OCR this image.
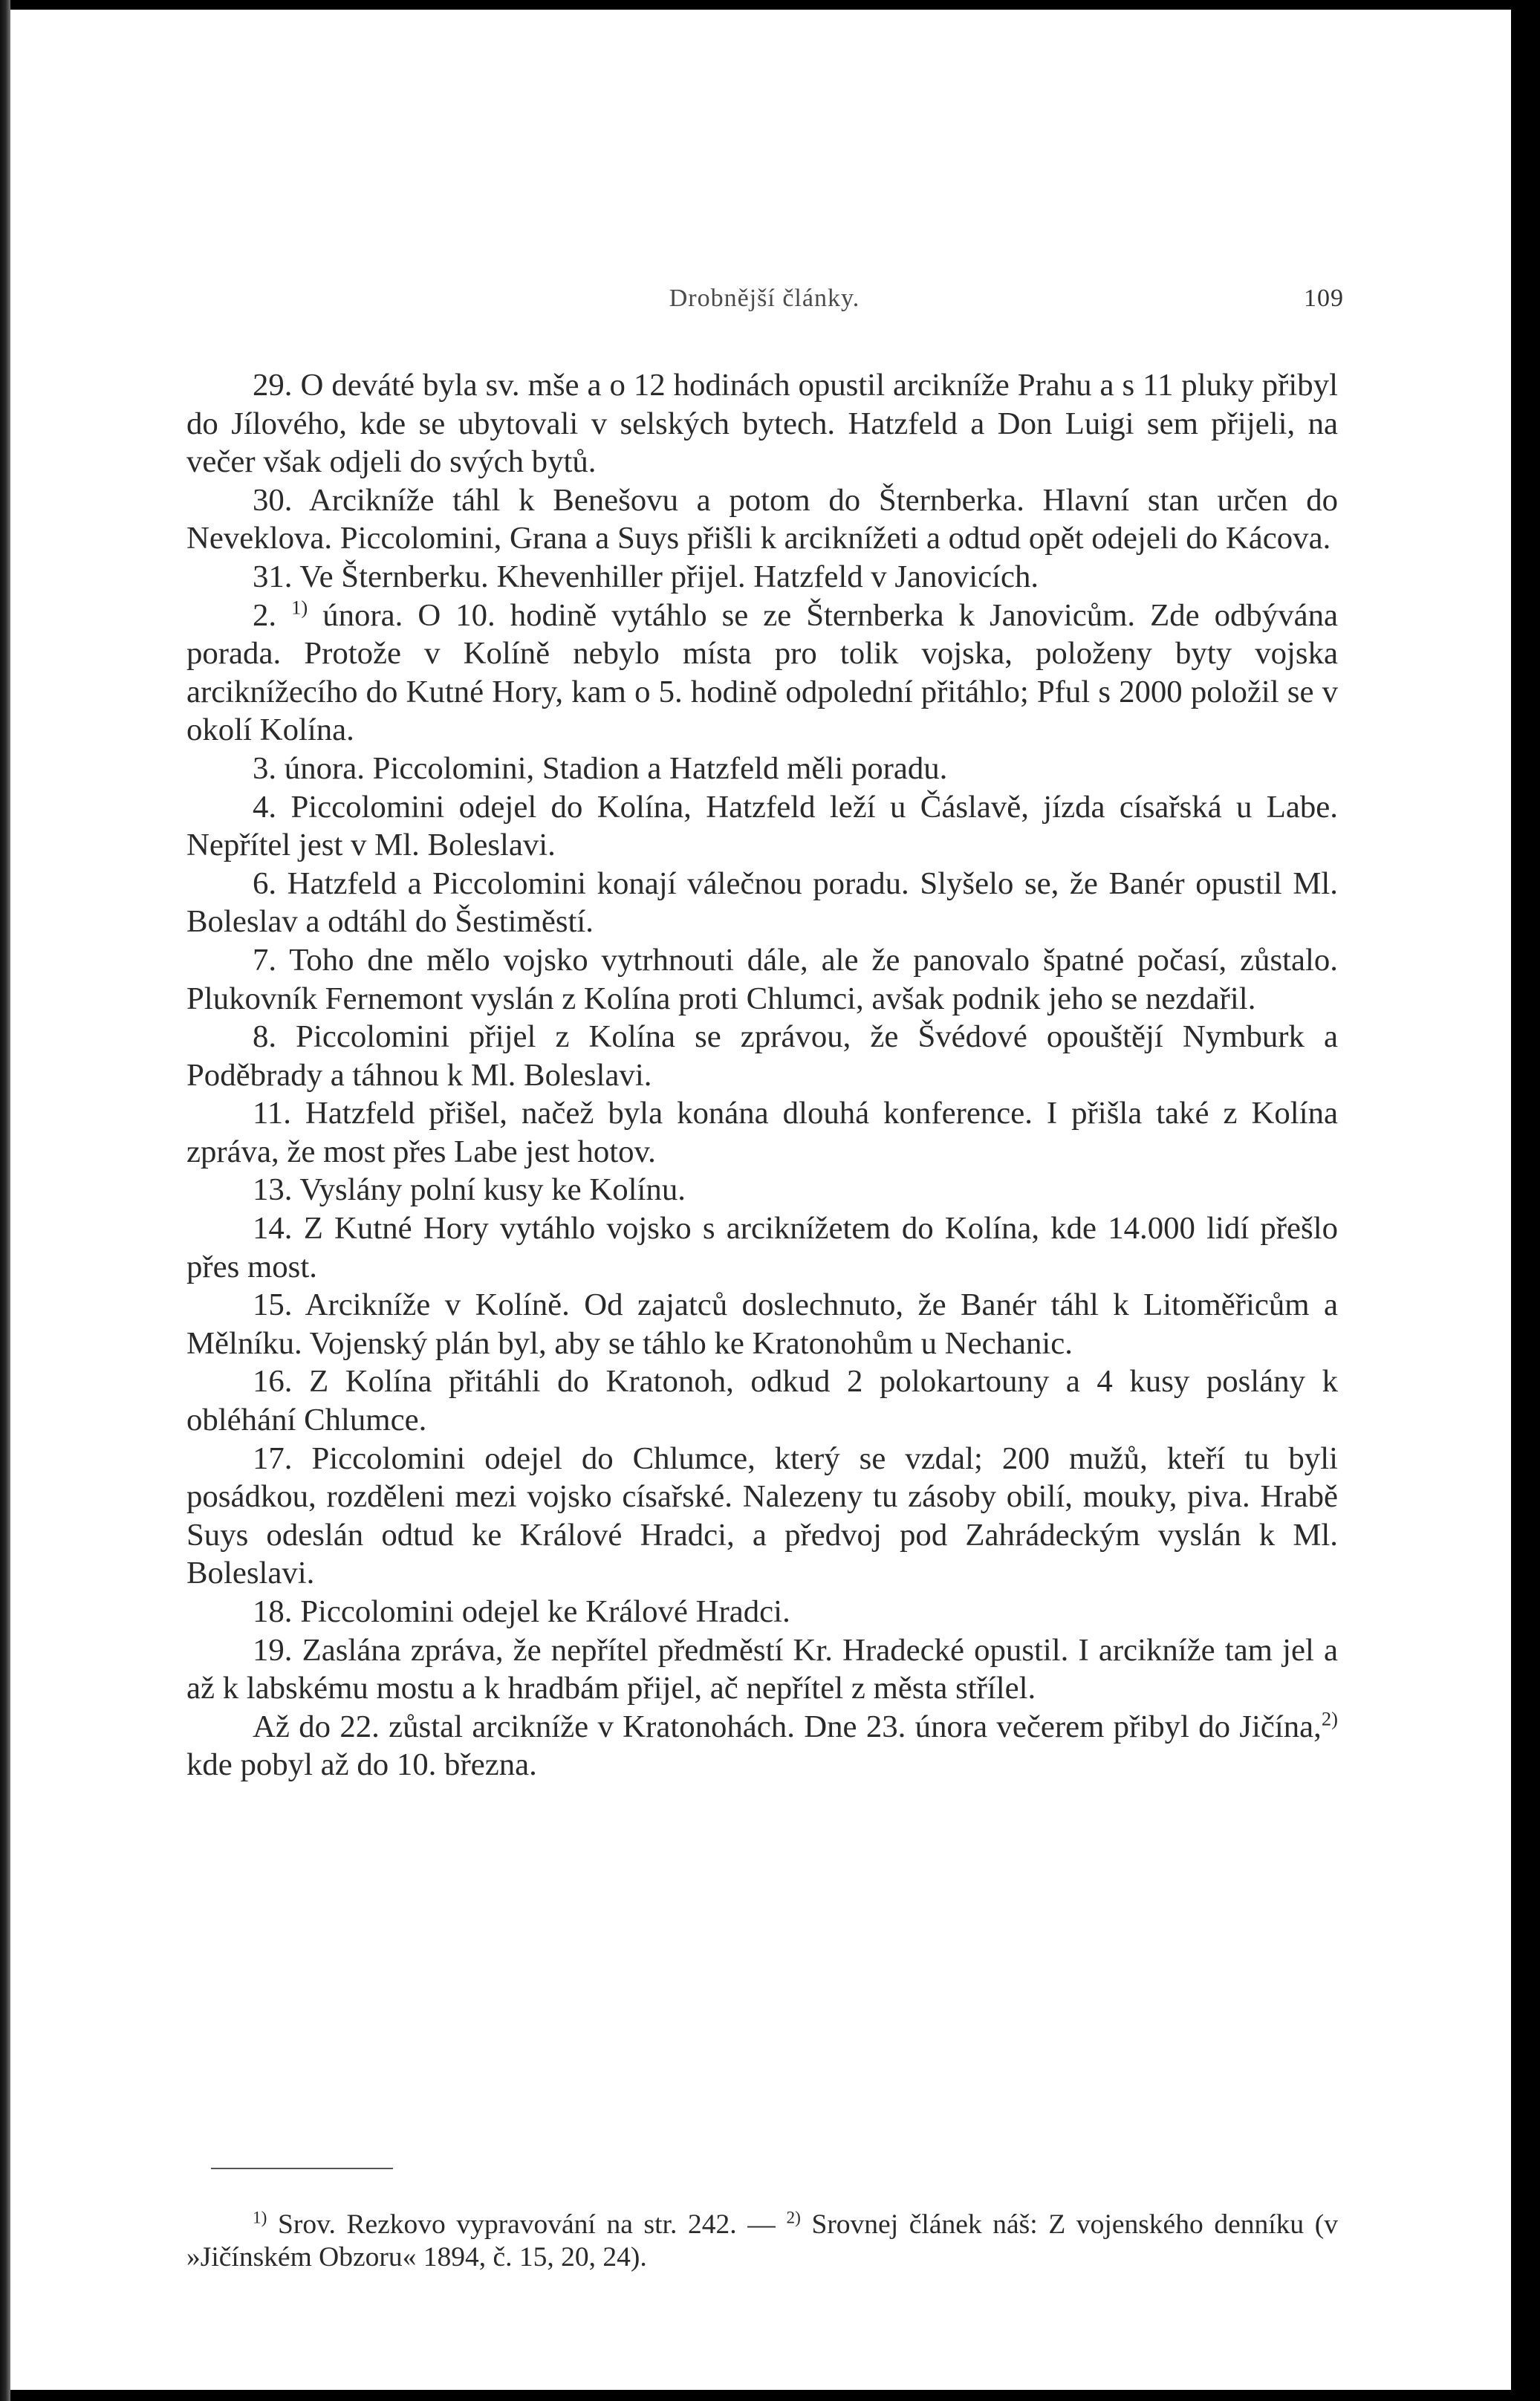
Drobnější články.	109

29. O deváté byla sv. mše a o 12 hodinách opustil arcikníže Prahu a s 11 pluky přibyl do Jílového, kde se ubytovali v selských bytech. Hatzfeld a Don Luigi sem přijeli, na večer však odjeli do svých bytů.

30. Arcikníže táhl k Benešovu a potom do Šternberka. Hlavní stan určen do Neveklova. Piccolomini, Grana a Suys přišli k arciknížeti a odtud opět odejeli do Kácova.

31. Ve Šternberku. Khevenhiller přijel. Hatzfeld v Janovicích.

2. $^{1)}$ února. O 10. hodině vytáhlo se ze Šternberka k Janovicům. Zde odbývána porada. Protože v Kolíně nebylo místa pro tolik vojska, položeny byty vojska arciknížecího do Kutné Hory, kam o 5. hodině odpolední přitáhlo; Pful s 2000 položil se v okolí Kolína.

3. února. Piccolomini, Stadion a Hatzfeld měli poradu.

4. Piccolomini odejel do Kolína, Hatzfeld leží u Čáslavě, jízda císařská u Labe. Nepřítel jest v Ml. Boleslavi.

6. Hatzfeld a Piccolomini konají válečnou poradu. Slyšelo se, že Banér opustil Ml. Boleslav a odtáhl do Šestiměstí.

7. Toho dne mělo vojsko vytrhnouti dále, ale že panovalo špatné počasí, zůstalo. Plukovník Fernemont vyslán z Kolína proti Chlumci, avšak podnik jeho se nezdařil.

8. Piccolomini přijel z Kolína se zprávou, že Švédové opouštějí Nymburk a Poděbrady a táhnou k Ml. Boleslavi.

11. Hatzfeld přišel, načež byla konána dlouhá konference. I přišla také z Kolína zpráva, že most přes Labe jest hotov.

13. Vyslány polní kusy ke Kolínu.

14. Z Kutné Hory vytáhlo vojsko s arciknížetem do Kolína, kde 14.000 lidí přešlo přes most.

15. Arcikníže v Kolíně. Od zajatců doslechnuto, že Banér táhl k Litoměřicům a Mělníku. Vojenský plán byl, aby se táhlo ke Kratonohům u Nechanic.

16. Z Kolína přitáhli do Kratonoh, odkud 2 polokartouny a 4 kusy poslány k obléhání Chlumce.

17. Piccolomini odejel do Chlumce, který se vzdal; 200 mužů, kteří tu byli posádkou, rozděleni mezi vojsko císařské. Nalezeny tu zásoby obilí, mouky, piva. Hrabě Suys odeslán odtud ke Králové Hradci, a předvoj pod Zahrádeckým vyslán k Ml. Boleslavi.

18. Piccolomini odejel ke Králové Hradci.

19. Zaslána zpráva, že nepřítel předměstí Kr. Hradecké opustil. I arcikníže tam jel a až k labskému mostu a k hradbám přijel, ač nepřítel z města střílel.

Až do 22. zůstal arcikníže v Kratonohách. Dne 23. února večerem přibyl do Jičína,$^{2)}$ kde pobyl až do 10. března.

$^{1)}$ Srov. Rezkovo vypravování na str. 242. — $^{2)}$ Srovnej článek náš: Z vojenského denníku (v »Jičínském Obzoru« 1894, č. 15, 20, 24).
